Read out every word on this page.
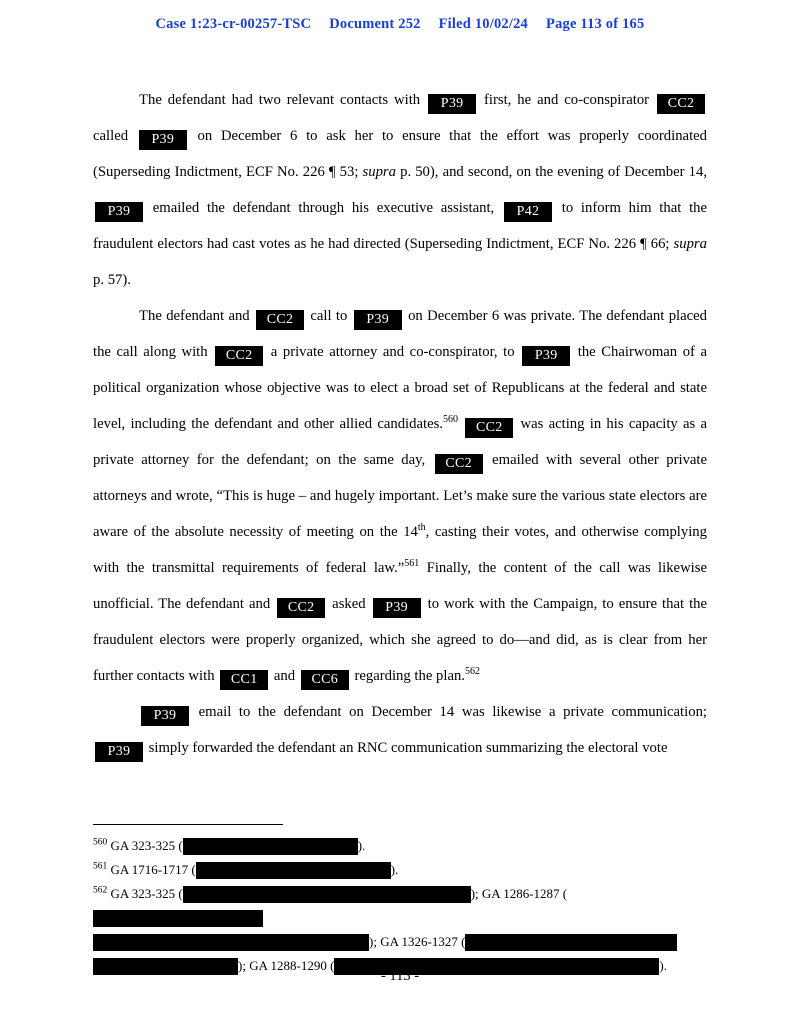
Case 1:23-cr-00257-TSC Document 252 Filed 10/02/24 Page 113 of 165

The defendant had two relevant contacts with P39 first, he and co-conspirator CC2 called P39 on December 6 to ask her to ensure that the effort was properly coordinated (Superseding Indictment, ECF No. 226 ¶ 53; supra p. 50), and second, on the evening of December 14, P39 emailed the defendant through his executive assistant, P42 to inform him that the fraudulent electors had cast votes as he had directed (Superseding Indictment, ECF No. 226 ¶ 66; supra p. 57).

The defendant and CC2 call to P39 on December 6 was private. The defendant placed the call along with CC2 a private attorney and co-conspirator, to P39 the Chairwoman of a political organization whose objective was to elect a broad set of Republicans at the federal and state level, including the defendant and other allied candidates.$^{560}$ CC2 was acting in his capacity as a private attorney for the defendant; on the same day, CC2 emailed with several other private attorneys and wrote, “This is huge – and hugely important. Let’s make sure the various state electors are aware of the absolute necessity of meeting on the 14th, casting their votes, and otherwise complying with the transmittal requirements of federal law.”$^{561}$ Finally, the content of the call was likewise unofficial. The defendant and CC2 asked P39 to work with the Campaign, to ensure that the fraudulent electors were properly organized, which she agreed to do—and did, as is clear from her further contacts with CC1 and CC6 regarding the plan.$^{562}$

P39 email to the defendant on December 14 was likewise a private communication; P39 simply forwarded the defendant an RNC communication summarizing the electoral vote

$^{560}$ GA 323-325 (	).

$^{561}$ GA 1716-1717 (	).

$^{562}$ GA 323-325 (	); GA 1286-1287 (
); GA 1326-1327 (
); GA 1288-1290 (	).

- 113 -
